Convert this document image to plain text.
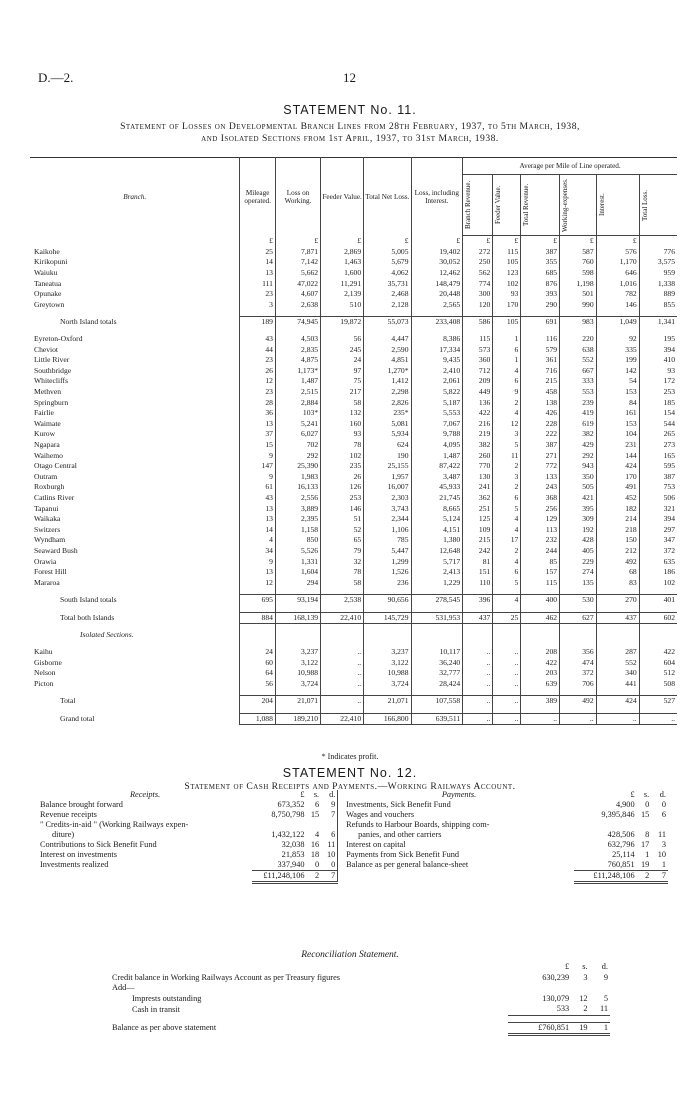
D.—2.	12
STATEMENT No. 11.
Statement of Losses on Developmental Branch Lines from 28th February, 1937, to 5th March, 1938,
and Isolated Sections from 1st April, 1937, to 31st March, 1938.
Branch.	Mileage operated.	Loss on Working.	Feeder Value.	Total Net Loss.	Loss, including Interest.	Average per Mile of Line operated.					

						Branch Revenue.	Feeder Value.	Total Revenue.	Working-expenses.	Interest.	Total Loss.

	£	£	£	£	£	£	£	£	£	£	
Kaikohe	25	7,871	2,869	5,005	19,402	272	115	387	587	576	776
Kirikopuni	14	7,142	1,463	5,679	30,052	250	105	355	760	1,170	3,575
Waiuku	13	5,662	1,600	4,062	12,462	562	123	685	598	646	959
Taneatua	111	47,022	11,291	35,731	148,479	774	102	876	1,198	1,016	1,338
Opunake	23	4,607	2,139	2,468	20,448	300	93	393	501	782	889
Greytown	3	2,638	510	2,128	2,565	120	170	290	990	146	855

North Island totals	189	74,945	19,872	55,073	233,408	586	105	691	983	1,049	1,341

Eyreton-Oxford	43	4,503	56	4,447	8,386	115	1	116	220	92	195
Cheviot	44	2,835	245	2,590	17,334	573	6	579	638	335	394
Little River	23	4,875	24	4,851	9,435	360	1	361	552	199	410
Southbridge	26	1,173*	97	1,270*	2,410	712	4	716	667	142	93
Whitecliffs	12	1,487	75	1,412	2,061	209	6	215	333	54	172
Methven	23	2,515	217	2,298	5,822	449	9	458	553	153	253
Springburn	28	2,884	58	2,826	5,187	136	2	138	239	84	185
Fairlie	36	103*	132	235*	5,553	422	4	426	419	161	154
Waimate	13	5,241	160	5,081	7,067	216	12	228	619	153	544
Kurow	37	6,027	93	5,934	9,788	219	3	222	382	104	265
Ngapara	15	702	78	624	4,095	382	5	387	429	231	273
Waihemo	9	292	102	190	1,487	260	11	271	292	144	165
Otago Central	147	25,390	235	25,155	87,422	770	2	772	943	424	595
Outram	9	1,983	26	1,957	3,487	130	3	133	350	170	387
Roxburgh	61	16,133	126	16,007	45,933	241	2	243	505	491	753
Catlins River	43	2,556	253	2,303	21,745	362	6	368	421	452	506
Tapanui	13	3,889	146	3,743	8,665	251	5	256	395	182	321
Waikaka	13	2,395	51	2,344	5,124	125	4	129	309	214	394
Switzers	14	1,158	52	1,106	4,151	109	4	113	192	218	297
Wyndham	4	850	65	785	1,380	215	17	232	428	150	347
Seaward Bush	34	5,526	79	5,447	12,648	242	2	244	405	212	372
Orawia	9	1,331	32	1,299	5,717	81	4	85	229	492	635
Forest Hill	13	1,604	78	1,526	2,413	151	6	157	274	68	186
Mararoa	12	294	58	236	1,229	110	5	115	135	83	102

South Island totals	695	93,194	2,538	90,656	278,545	396	4	400	530	270	401

Total both Islands	884	168,139	22,410	145,729	531,953	437	25	462	627	437	602

Isolated Sections.											

Kaihu	24	3,237	..	3,237	10,117	..	..	208	356	287	422
Gisborne	60	3,122	..	3,122	36,240	..	..	422	474	552	604
Nelson	64	10,988	..	10,988	32,777	..	..	203	372	340	512
Picton	56	3,724	..	3,724	28,424	..	..	639	706	441	508

Total	204	21,071	..	21,071	107,558	..	..	389	492	424	527

Grand total	1,088	189,210	22,410	166,800	639,511	..	..	..	..	..	..
* Indicates profit.
STATEMENT No. 12.
Statement of Cash Receipts and Payments.—Working Railways Account.
Receipts.	£	s.	d.		Payments.	£	s.	d.
Balance brought forward	673,352	6	9		Investments, Sick Benefit Fund	4,900	0	0
Revenue receipts	8,750,798	15	7		Wages and vouchers	9,395,846	15	6
" Credits-in-aid " (Working Railways expen-					Refunds to Harbour Boards, shipping com-			
diture)	1,432,122	4	6		panies, and other carriers	428,506	8	11
Contributions to Sick Benefit Fund	32,038	16	11		Interest on capital	632,796	17	3
Interest on investments	21,853	18	10		Payments from Sick Benefit Fund	25,114	1	10
Investments realized	337,940	0	0		Balance as per general balance-sheet	760,851	19	1
	£11,248,106	2	7			£11,248,106	2	7
Reconciliation Statement.
	£	s.	d.
Credit balance in Working Railways Account as per Treasury figures	630,239	3	9
Add—			
Imprests outstanding	130,079	12	5
Cash in transit	533	2	11

Balance as per above statement	£760,851	19	1
